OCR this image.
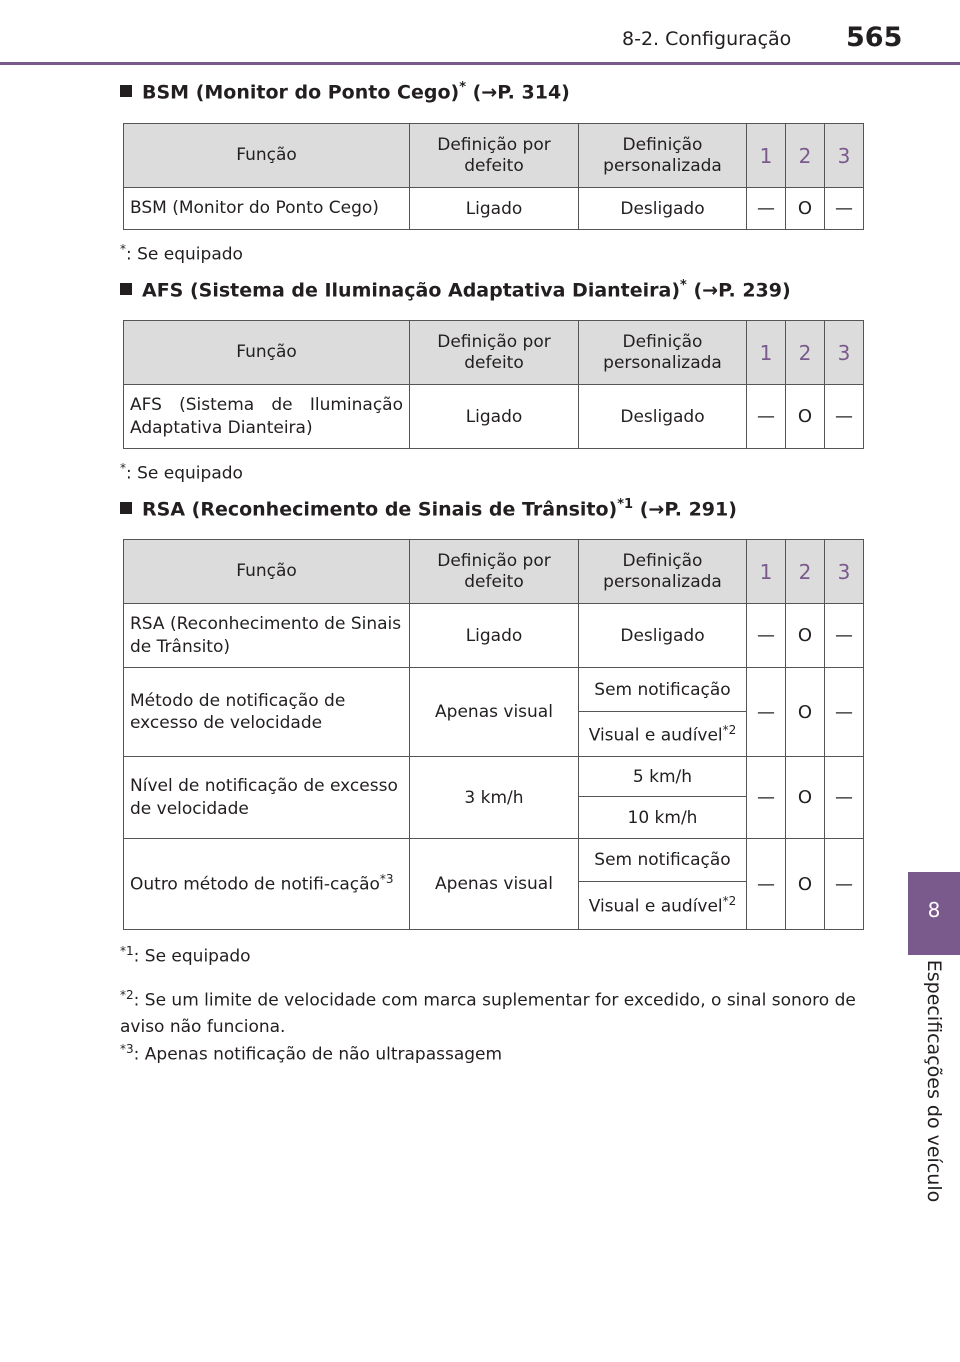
8-2. Configuração 565
8
Especificações do veículo
BSM (Monitor do Ponto Cego)* (→P. 314)
Função	Definição por defeito	Definição personalizada	1	2	3
BSM (Monitor do Ponto Cego)	Ligado	Desligado	—	O	—
*: Se equipado
AFS (Sistema de Iluminação Adaptativa Dianteira)* (→P. 239)
Função	Definição por defeito	Definição personalizada	1	2	3
AFS (Sistema de Iluminação Adaptativa Dianteira)	Ligado	Desligado	—	O	—
*: Se equipado
RSA (Reconhecimento de Sinais de Trânsito)$^{*1}$ (→P. 291)
Função	Definição por defeito	Definição personalizada	1	2	3
RSA (Reconhecimento de Sinais de Trânsito)	Ligado	Desligado	—	O	—
Método de notificação de excesso de velocidade	Apenas visual	Sem notificação	—	O	—
		Visual e audível$^{*2}$
Nível de notificação de excesso de velocidade	3 km/h	5 km/h	—	O	—
		10 km/h			
Outro método de notifi-cação$^{*3}$	Apenas visual	Sem notificação	—	O	—
		Visual e audível$^{*2}$
$^{*1}$: Se equipado
$^{*2}$: Se um limite de velocidade com marca suplementar for excedido, o sinal sonoro de aviso não funciona.
$^{*3}$: Apenas notificação de não ultrapassagem
